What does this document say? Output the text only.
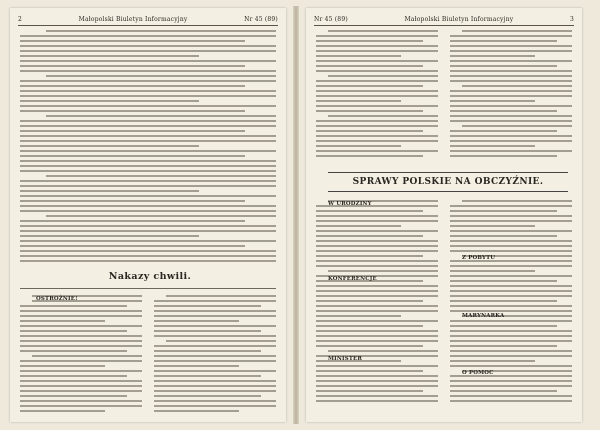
2	Małopolski Biuletyn Informacyjny	Nr 45 (89)
Nakazy chwili.
OSTROŻNIE!
Nr 45 (89)	Małopolski Biuletyn Informacyjny	3
SPRAWY POLSKIE NA OBCZYŹNIE.
W URODZINY
KONFERENCJE
MINISTER
Z POBYTU
MARYNARKA
O POMOC
